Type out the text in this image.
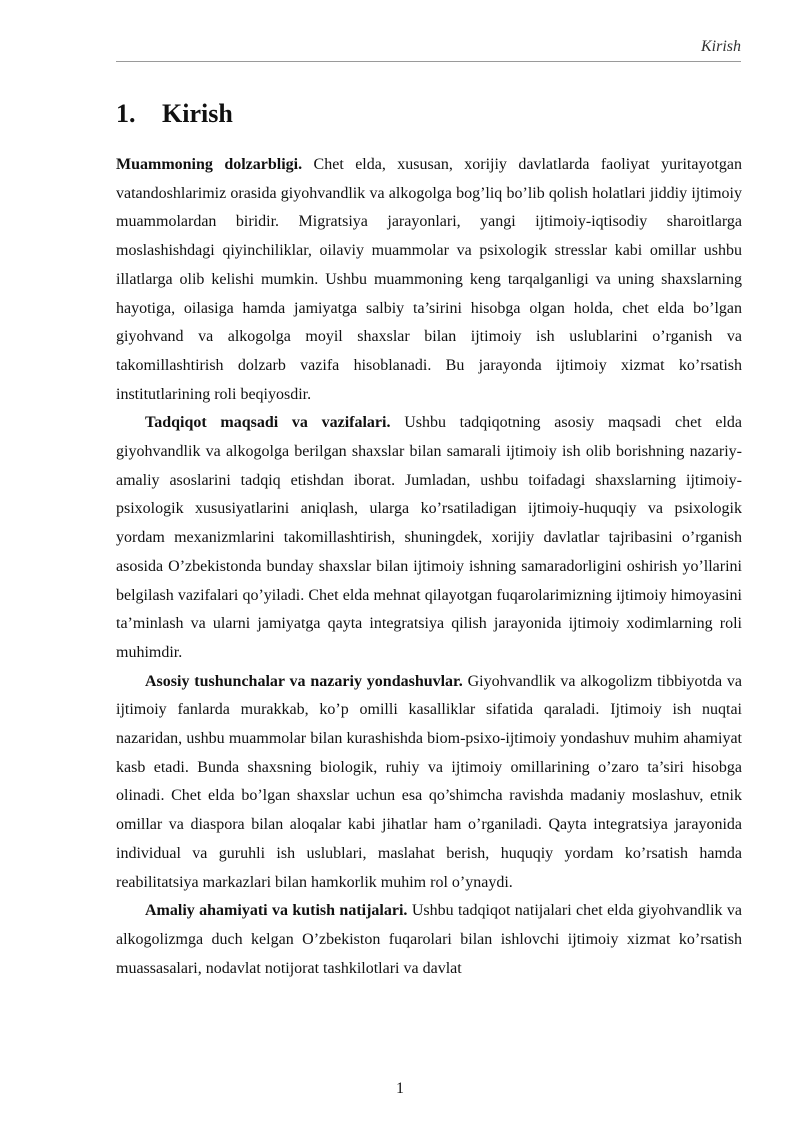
Kirish
1. Kirish

Muammoning dolzarbligi. Chet elda, xususan, xorijiy davlatlarda faoliyat yuritayotgan vatandoshlarimiz orasida giyohvandlik va alkogolga bog’liq bo’lib qolish holatlari jiddiy ijtimoiy muammolardan biridir. Migratsiya jarayonlari, yangi ijtimoiy-iqtisodiy sharoitlarga moslashishdagi qiyinchiliklar, oilaviy muammolar va psixologik stresslar kabi omillar ushbu illatlarga olib kelishi mumkin. Ushbu muammoning keng tarqalganligi va uning shaxslarning hayotiga, oilasiga hamda jamiyatga salbiy ta’sirini hisobga olgan holda, chet elda bo’lgan giyohvand va alkogolga moyil shaxslar bilan ijtimoiy ish uslublarini o’rganish va takomillashtirish dolzarb vazifa hisoblanadi. Bu jarayonda ijtimoiy xizmat ko’rsatish institutlarining roli beqiyosdir.

Tadqiqot maqsadi va vazifalari. Ushbu tadqiqotning asosiy maqsadi chet elda giyohvandlik va alkogolga berilgan shaxslar bilan samarali ijtimoiy ish olib borishning nazariy-amaliy asoslarini tadqiq etishdan iborat. Jumladan, ushbu toifadagi shaxslarning ijtimoiy-psixologik xususiyatlarini aniqlash, ularga ko’rsatiladigan ijtimoiy-huquqiy va psixologik yordam mexanizmlarini takomillashtirish, shuningdek, xorijiy davlatlar tajribasini o’rganish asosida O’zbekistonda bunday shaxslar bilan ijtimoiy ishning samaradorligini oshirish yo’llarini belgilash vazifalari qo’yiladi. Chet elda mehnat qilayotgan fuqarolarimizning ijtimoiy himoyasini ta’minlash va ularni jamiyatga qayta integratsiya qilish jarayonida ijtimoiy xodimlarning roli muhimdir.

Asosiy tushunchalar va nazariy yondashuvlar. Giyohvandlik va alkogolizm tibbiyotda va ijtimoiy fanlarda murakkab, ko’p omilli kasalliklar sifatida qaraladi. Ijtimoiy ish nuqtai nazaridan, ushbu muammolar bilan kurashishda biom-psixo-ijtimoiy yondashuv muhim ahamiyat kasb etadi. Bunda shaxsning biologik, ruhiy va ijtimoiy omillarining o’zaro ta’siri hisobga olinadi. Chet elda bo’lgan shaxslar uchun esa qo’shimcha ravishda madaniy moslashuv, etnik omillar va diaspora bilan aloqalar kabi jihatlar ham o’rganiladi. Qayta integratsiya jarayonida individual va guruhli ish uslublari, maslahat berish, huquqiy yordam ko’rsatish hamda reabilitatsiya markazlari bilan hamkorlik muhim rol o’ynaydi.

Amaliy ahamiyati va kutish natijalari. Ushbu tadqiqot natijalari chet elda giyohvandlik va alkogolizmga duch kelgan O’zbekiston fuqarolari bilan ishlovchi ijtimoiy xizmat ko’rsatish muassasalari, nodavlat notijorat tashkilotlari va davlat

1
